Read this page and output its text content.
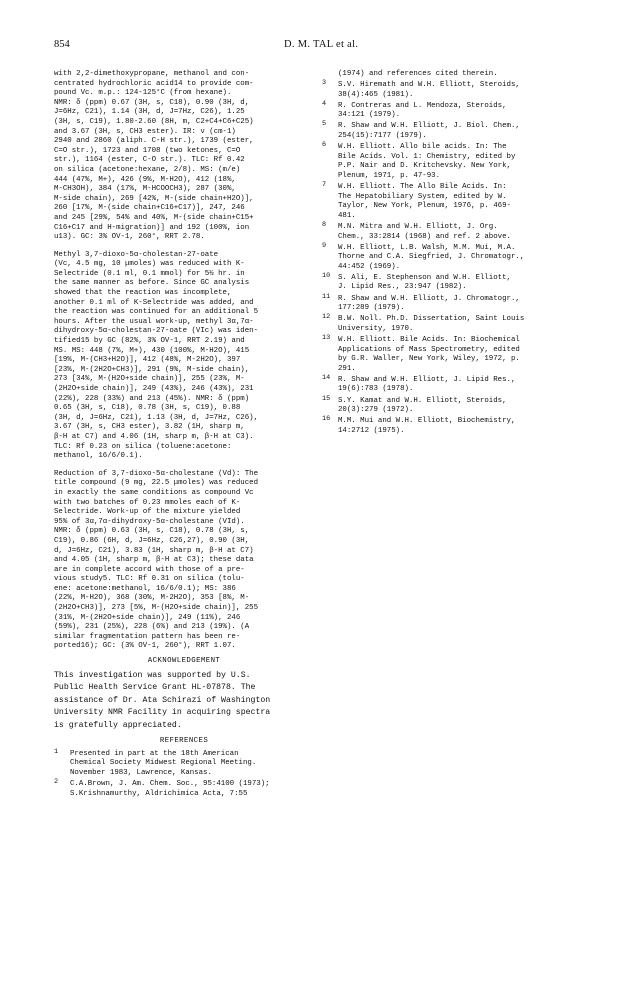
854	D. M. TAL et al.

with 2,2-dimethoxypropane, methanol and con-
centrated hydrochloric acid14 to provide com-
pound Vc. m.p.: 124-125°C (from hexane).
NMR: δ (ppm) 0.67 (3H, s, C18), 0.90 (3H, d,
J=6Hz, C21), 1.14 (3H, d, J=7Hz, C26), 1.25
(3H, s, C19), 1.80-2.60 (8H, m, C2+C4+C6+C25)
and 3.67 (3H, s, CH3 ester). IR: ν (cm-1)
2940 and 2860 (aliph. C-H str.), 1739 (ester,
C=O str.), 1723 and 1708 (two ketones, C=O
str.), 1164 (ester, C-O str.). TLC: Rf 0.42
on silica (acetone:hexane, 2/8). MS: (m/e)
444 (47%, M+), 426 (9%, M-H2O), 412 (18%,
M-CH3OH), 384 (17%, M-HCOOCH3), 287 (30%,
M-side chain), 269 [42%, M-(side chain+H2O)],
260 [17%, M-(side chain+C16+C17)], 247, 246
and 245 [29%, 54% and 40%, M-(side chain+C15+
C16+C17 and H-migration)] and 192 (100%, ion
u13). GC: 3% OV-1, 260°, RRT 2.78.

Methyl 3,7-dioxo-5α-cholestan-27-oate
(Vc, 4.5 mg, 10 μmoles) was reduced with K-
Selectride (0.1 ml, 0.1 mmol) for 5½ hr. in
the same manner as before. Since GC analysis
showed that the reaction was incomplete,
another 0.1 ml of K-Selectride was added, and
the reaction was continued for an additional 5
hours. After the usual work-up, methyl 3α,7α-
dihydroxy-5α-cholestan-27-oate (VIc) was iden-
tified15 by GC (82%, 3% OV-1, RRT 2.19) and
MS. MS: 448 (7%, M+), 430 (100%, M-H2O), 415
[19%, M-(CH3+H2O)], 412 (48%, M-2H2O), 397
[23%, M-(2H2O+CH3)], 291 (9%, M-side chain),
273 [34%, M-(H2O+side chain)], 255 (23%, M-
(2H2O+side chain)], 249 (43%), 246 (43%), 231
(22%), 228 (33%) and 213 (45%). NMR: δ (ppm)
0.65 (3H, s, C18), 0.78 (3H, s, C19), 0.88
(3H, d, J=6Hz, C21), 1.13 (3H, d, J=7Hz, C26),
3.67 (3H, s, CH3 ester), 3.82 (1H, sharp m,
β-H at C7) and 4.06 (1H, sharp m, β-H at C3).
TLC: Rf 0.23 on silica (toluene:acetone:
methanol, 16/6/0.1).

Reduction of 3,7-dioxo-5α-cholestane (Vd): The
title compound (9 mg, 22.5 μmoles) was reduced
in exactly the same conditions as compound Vc
with two batches of 0.23 mmoles each of K-
Selectride. Work-up of the mixture yielded
95% of 3α,7α-dihydroxy-5α-cholestane (VId).
NMR: δ (ppm) 0.63 (3H, s, C18), 0.78 (3H, s,
C19), 0.86 (6H, d, J=6Hz, C26,27), 0.90 (3H,
d, J=6Hz, C21), 3.83 (1H, sharp m, β-H at C7)
and 4.05 (1H, sharp m, β-H at C3); these data
are in complete accord with those of a pre-
vious study5. TLC: Rf 0.31 on silica (tolu-
ene: acetone:methanol, 16/6/0.1); MS: 386
(22%, M-H2O), 368 (30%, M-2H2O), 353 [8%, M-
(2H2O+CH3)], 273 [5%, M-(H2O+side chain)], 255
(31%, M-(2H2O+side chain)], 249 (11%), 246
(59%), 231 (25%), 228 (6%) and 213 (19%). (A
similar fragmentation pattern has been re-
ported16); GC: (3% OV-1, 260°), RRT 1.07.

ACKNOWLEDGEMENT
This investigation was supported by U.S.
Public Health Service Grant HL-07878. The
assistance of Dr. Ata Schirazi of Washington
University NMR Facility in acquiring spectra
is gratefully appreciated.
REFERENCES
1	Presented in part at the 18th American
Chemical Society Midwest Regional Meeting.
November 1983, Lawrence, Kansas.
2	C.A.Brown, J. Am. Chem. Soc., 95:4100 (1973);
S.Krishnamurthy, Aldrichimica Acta, 7:55
(1974) and references cited therein.
3	S.V. Hiremath and W.H. Elliott, Steroids,
38(4):465 (1981).
4	R. Contreras and L. Mendoza, Steroids,
34:121 (1979).
5	R. Shaw and W.H. Elliott, J. Biol. Chem.,
254(15):7177 (1979).
6	W.H. Elliott. Allo bile acids. In: The
Bile Acids. Vol. 1: Chemistry, edited by
P.P. Nair and D. Kritchevsky. New York,
Plenum, 1971, p. 47-93.
7	W.H. Elliott. The Allo Bile Acids. In:
The Hepatobiliary System, edited by W.
Taylor, New York, Plenum, 1976, p. 469-
481.
8	M.N. Mitra and W.H. Elliott, J. Org.
Chem., 33:2814 (1968) and ref. 2 above.
9	W.H. Elliott, L.B. Walsh, M.M. Mui, M.A.
Thorne and C.A. Siegfried, J. Chromatogr.,
44:452 (1969).
10	S. Ali, E. Stephenson and W.H. Elliott,
J. Lipid Res., 23:947 (1982).
11	R. Shaw and W.H. Elliott, J. Chromatogr.,
177:289 (1979).
12	B.W. Noll. Ph.D. Dissertation, Saint Louis
University, 1970.
13	W.H. Elliott. Bile Acids. In: Biochemical
Applications of Mass Spectrometry, edited
by G.R. Waller, New York, Wiley, 1972, p.
291.
14	R. Shaw and W.H. Elliott, J. Lipid Res.,
19(6):783 (1978).
15	S.Y. Kamat and W.H. Elliott, Steroids,
20(3):279 (1972).
16	M.M. Mui and W.H. Elliott, Biochemistry,
14:2712 (1975).
